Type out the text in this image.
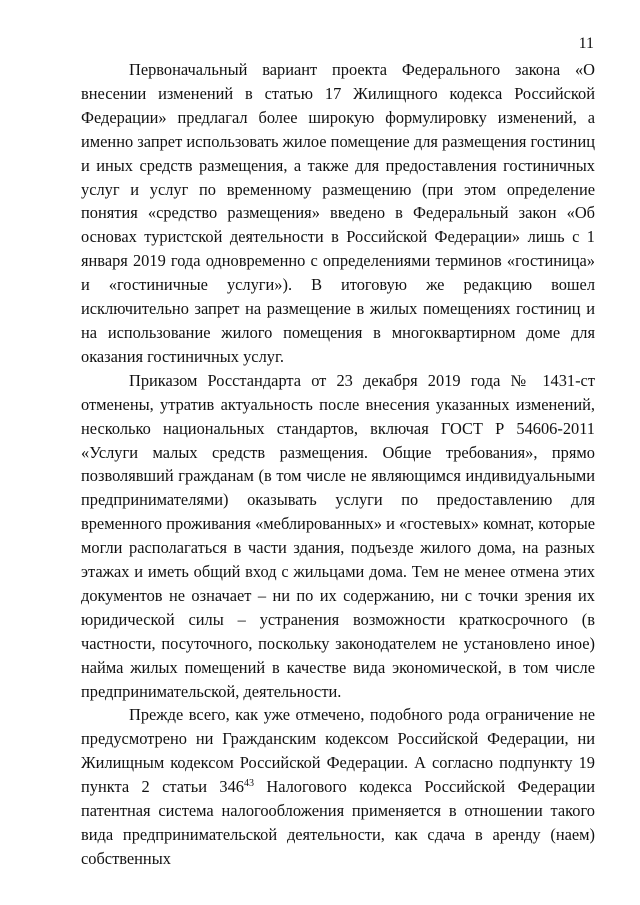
11

Первоначальный вариант проекта Федерального закона «О внесении изменений в статью 17 Жилищного кодекса Российской Федерации» предлагал более широкую формулировку изменений, а именно запрет использовать жилое помещение для размещения гостиниц и иных средств размещения, а также для предоставления гостиничных услуг и услуг по временному размещению (при этом определение понятия «средство размещения» введено в Федеральный закон «Об основах туристской деятельности в Российской Федерации» лишь с 1 января 2019 года одновременно с определениями терминов «гостиница» и «гостиничные услуги»). В итоговую же редакцию вошел исключительно запрет на размещение в жилых помещениях гостиниц и на использование жилого помещения в многоквартирном доме для оказания гостиничных услуг.

Приказом Росстандарта от 23 декабря 2019 года № 1431-ст отменены, утратив актуальность после внесения указанных изменений, несколько национальных стандартов, включая ГОСТ Р 54606-2011 «Услуги малых средств размещения. Общие требования», прямо позволявший гражданам (в том числе не являющимся индивидуальными предпринимателями) оказывать услуги по предоставлению для временного проживания «меблированных» и «гостевых» комнат, которые могли располагаться в части здания, подъезде жилого дома, на разных этажах и иметь общий вход с жильцами дома. Тем не менее отмена этих документов не означает – ни по их содержанию, ни с точки зрения их юридической силы – устранения возможности краткосрочного (в частности, посуточного, поскольку законодателем не установлено иное) найма жилых помещений в качестве вида экономической, в том числе предпринимательской, деятельности.

Прежде всего, как уже отмечено, подобного рода ограничение не предусмотрено ни Гражданским кодексом Российской Федерации, ни Жилищным кодексом Российской Федерации. А согласно подпункту 19 пункта 2 статьи $346^{43}$ Налогового кодекса Российской Федерации патентная система налогообложения применяется в отношении такого вида предпринимательской деятельности, как сдача в аренду (наем) собственных
